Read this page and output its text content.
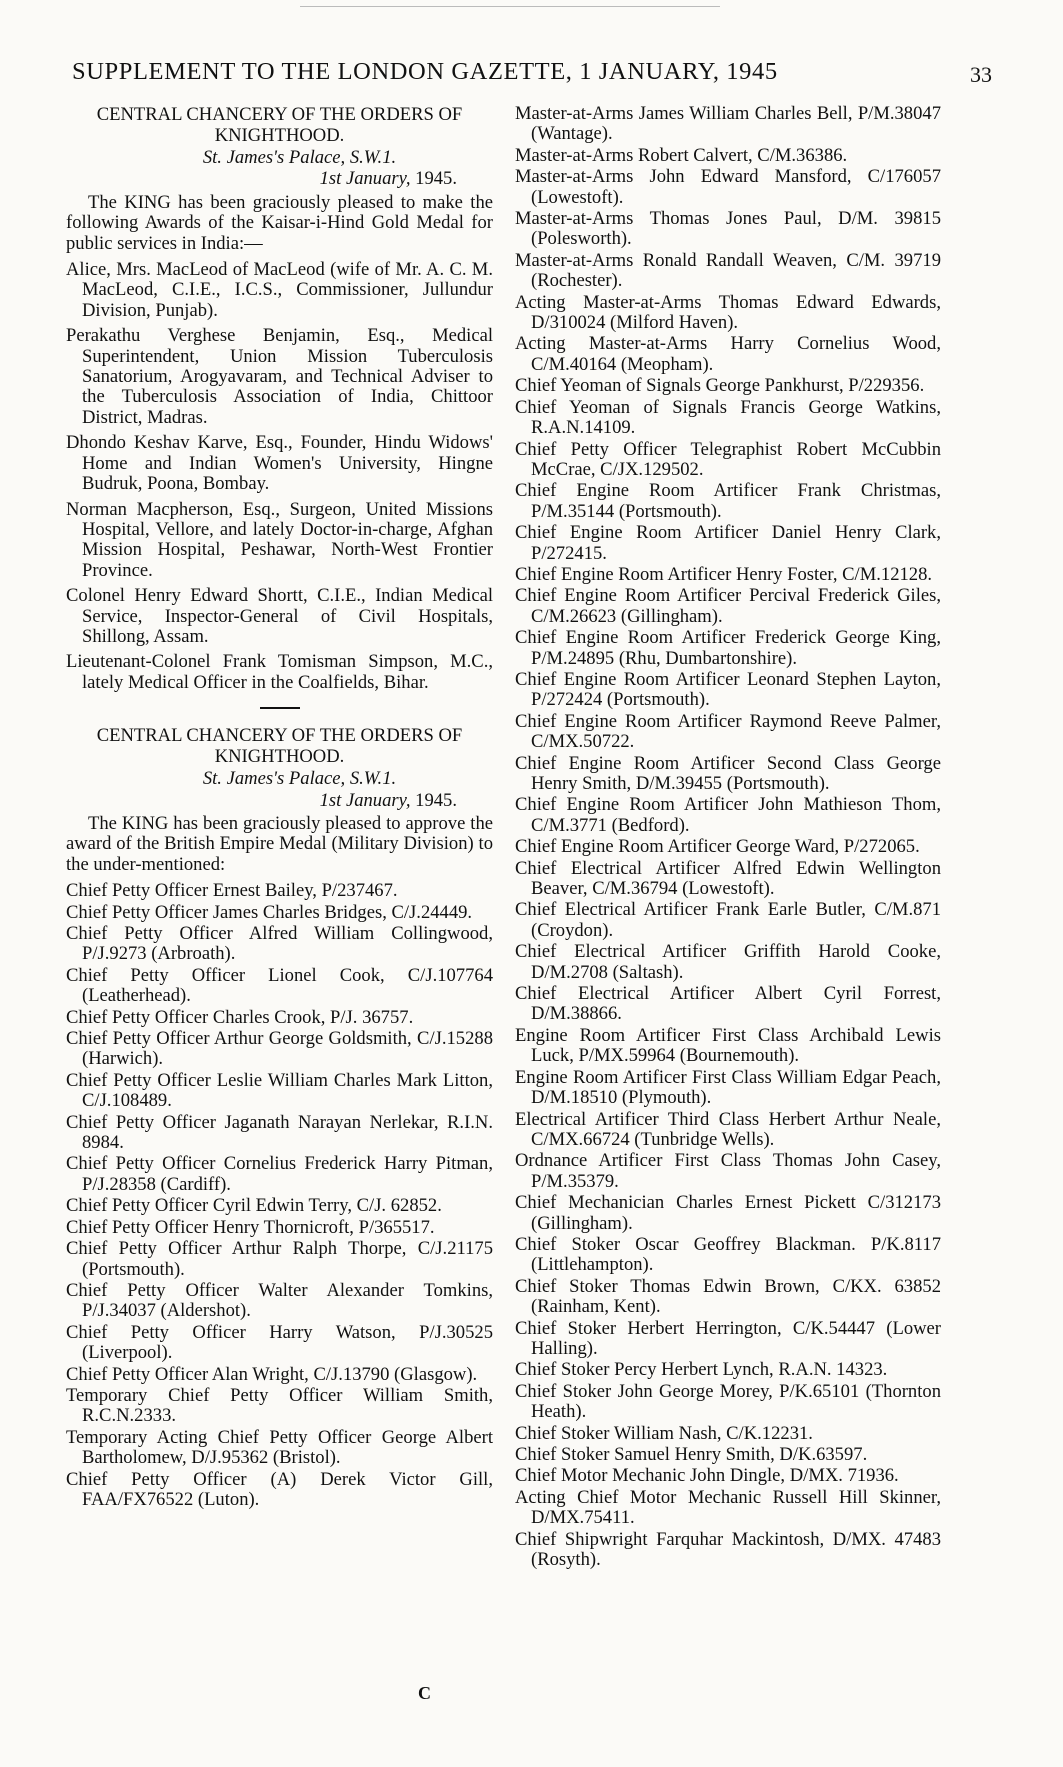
SUPPLEMENT TO THE LONDON GAZETTE, 1 JANUARY, 1945	33

CENTRAL CHANCERY OF THE ORDERS OF KNIGHTHOOD.

St. James's Palace, S.W.1.

1st January, 1945.

The KING has been graciously pleased to make the following Awards of the Kaisar-i-Hind Gold Medal for public services in India:—

Alice, Mrs. MacLeod of MacLeod (wife of Mr. A. C. M. MacLeod, C.I.E., I.C.S., Commissioner, Jullundur Division, Punjab).

Perakathu Verghese Benjamin, Esq., Medical Superintendent, Union Mission Tuberculosis Sanatorium, Arogyavaram, and Technical Adviser to the Tuberculosis Association of India, Chittoor District, Madras.

Dhondo Keshav Karve, Esq., Founder, Hindu Widows' Home and Indian Women's University, Hingne Budruk, Poona, Bombay.

Norman Macpherson, Esq., Surgeon, United Missions Hospital, Vellore, and lately Doctor-in-charge, Afghan Mission Hospital, Peshawar, North-West Frontier Province.

Colonel Henry Edward Shortt, C.I.E., Indian Medical Service, Inspector-General of Civil Hospitals, Shillong, Assam.

Lieutenant-Colonel Frank Tomisman Simpson, M.C., lately Medical Officer in the Coalfields, Bihar.

CENTRAL CHANCERY OF THE ORDERS OF KNIGHTHOOD.

St. James's Palace, S.W.1.

1st January, 1945.

The KING has been graciously pleased to approve the award of the British Empire Medal (Military Division) to the under-mentioned:

Chief Petty Officer Ernest Bailey, P/237467.

Chief Petty Officer James Charles Bridges, C/J.24449.

Chief Petty Officer Alfred William Collingwood, P/J.9273 (Arbroath).

Chief Petty Officer Lionel Cook, C/J.107764 (Leatherhead).

Chief Petty Officer Charles Crook, P/J. 36757.

Chief Petty Officer Arthur George Goldsmith, C/J.15288 (Harwich).

Chief Petty Officer Leslie William Charles Mark Litton, C/J.108489.

Chief Petty Officer Jaganath Narayan Nerlekar, R.I.N. 8984.

Chief Petty Officer Cornelius Frederick Harry Pitman, P/J.28358 (Cardiff).

Chief Petty Officer Cyril Edwin Terry, C/J. 62852.

Chief Petty Officer Henry Thornicroft, P/365517.

Chief Petty Officer Arthur Ralph Thorpe, C/J.21175 (Portsmouth).

Chief Petty Officer Walter Alexander Tomkins, P/J.34037 (Aldershot).

Chief Petty Officer Harry Watson, P/J.30525 (Liverpool).

Chief Petty Officer Alan Wright, C/J.13790 (Glasgow).

Temporary Chief Petty Officer William Smith, R.C.N.2333.

Temporary Acting Chief Petty Officer George Albert Bartholomew, D/J.95362 (Bristol).

Chief Petty Officer (A) Derek Victor Gill, FAA/FX76522 (Luton).

Master-at-Arms James William Charles Bell, P/M.38047 (Wantage).

Master-at-Arms Robert Calvert, C/M.36386.

Master-at-Arms John Edward Mansford, C/176057 (Lowestoft).

Master-at-Arms Thomas Jones Paul, D/M. 39815 (Polesworth).

Master-at-Arms Ronald Randall Weaven, C/M. 39719 (Rochester).

Acting Master-at-Arms Thomas Edward Edwards, D/310024 (Milford Haven).

Acting Master-at-Arms Harry Cornelius Wood, C/M.40164 (Meopham).

Chief Yeoman of Signals George Pankhurst, P/229356.

Chief Yeoman of Signals Francis George Watkins, R.A.N.14109.

Chief Petty Officer Telegraphist Robert McCubbin McCrae, C/JX.129502.

Chief Engine Room Artificer Frank Christmas, P/M.35144 (Portsmouth).

Chief Engine Room Artificer Daniel Henry Clark, P/272415.

Chief Engine Room Artificer Henry Foster, C/M.12128.

Chief Engine Room Artificer Percival Frederick Giles, C/M.26623 (Gillingham).

Chief Engine Room Artificer Frederick George King, P/M.24895 (Rhu, Dumbartonshire).

Chief Engine Room Artificer Leonard Stephen Layton, P/272424 (Portsmouth).

Chief Engine Room Artificer Raymond Reeve Palmer, C/MX.50722.

Chief Engine Room Artificer Second Class George Henry Smith, D/M.39455 (Portsmouth).

Chief Engine Room Artificer John Mathieson Thom, C/M.3771 (Bedford).

Chief Engine Room Artificer George Ward, P/272065.

Chief Electrical Artificer Alfred Edwin Wellington Beaver, C/M.36794 (Lowestoft).

Chief Electrical Artificer Frank Earle Butler, C/M.871 (Croydon).

Chief Electrical Artificer Griffith Harold Cooke, D/M.2708 (Saltash).

Chief Electrical Artificer Albert Cyril Forrest, D/M.38866.

Engine Room Artificer First Class Archibald Lewis Luck, P/MX.59964 (Bournemouth).

Engine Room Artificer First Class William Edgar Peach, D/M.18510 (Plymouth).

Electrical Artificer Third Class Herbert Arthur Neale, C/MX.66724 (Tunbridge Wells).

Ordnance Artificer First Class Thomas John Casey, P/M.35379.

Chief Mechanician Charles Ernest Pickett C/312173 (Gillingham).

Chief Stoker Oscar Geoffrey Blackman. P/K.8117 (Littlehampton).

Chief Stoker Thomas Edwin Brown, C/KX. 63852 (Rainham, Kent).

Chief Stoker Herbert Herrington, C/K.54447 (Lower Halling).

Chief Stoker Percy Herbert Lynch, R.A.N. 14323.

Chief Stoker John George Morey, P/K.65101 (Thornton Heath).

Chief Stoker William Nash, C/K.12231.

Chief Stoker Samuel Henry Smith, D/K.63597.

Chief Motor Mechanic John Dingle, D/MX. 71936.

Acting Chief Motor Mechanic Russell Hill Skinner, D/MX.75411.

Chief Shipwright Farquhar Mackintosh, D/MX. 47483 (Rosyth).

C
